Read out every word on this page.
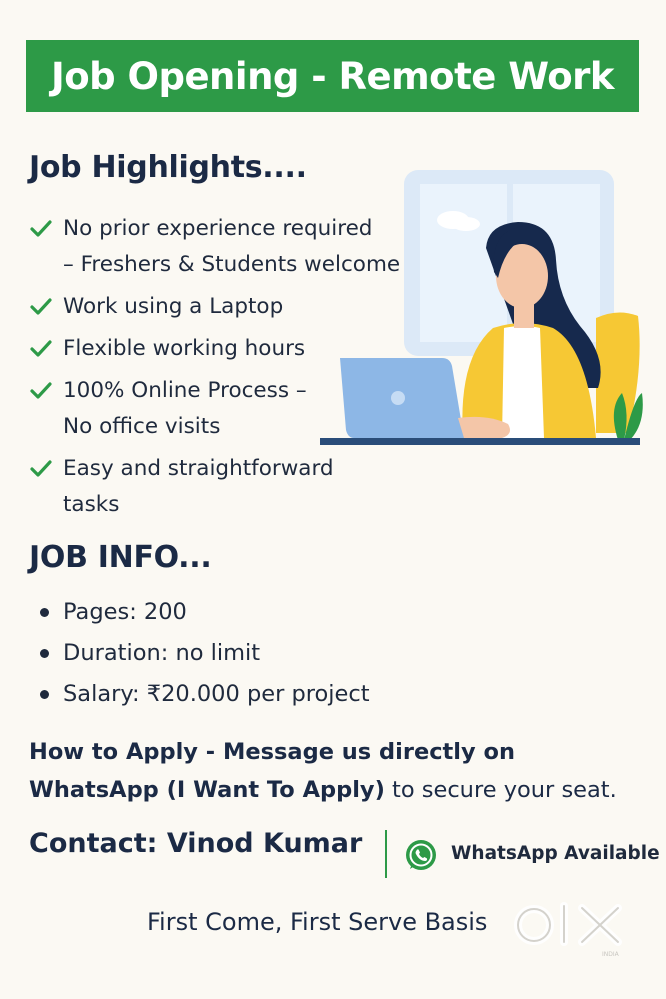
Job Opening - Remote Work
Job Highlights....
No prior experience required
– Freshers & Students welcome
Work using a Laptop
Flexible working hours
100% Online Process –
No office visits
Easy and straightforward
tasks
JOB INFO...
Pages: 200
Duration: no limit
Salary: ₹20.000 per project
How to Apply - Message us directly on WhatsApp (I Want To Apply) to secure your seat.
Contact: Vinod Kumar	WhatsApp Available
First Come, First Serve Basis
INDIA
